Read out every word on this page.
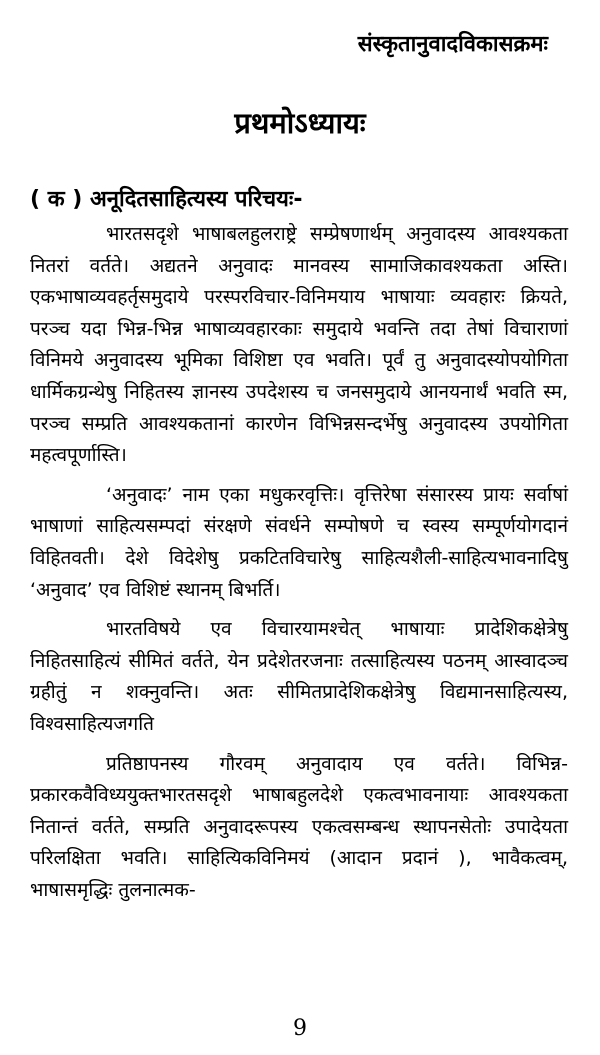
संस्कृतानुवादविकासक्रमः
प्रथमोऽध्यायः
( क ) अनूदितसाहित्यस्य परिचयः-

भारतसदृशे भाषाबलहुलराष्ट्रे सम्प्रेषणार्थम् अनुवादस्य आवश्यकता नितरां वर्तते। अद्यतने अनुवादः मानवस्य सामाजिकावश्यकता अस्ति। एकभाषाव्यवहर्तृसमुदाये परस्परविचार-विनिमयाय भाषायाः व्यवहारः क्रियते, परञ्च यदा भिन्न-भिन्न भाषाव्यवहारकाः समुदाये भवन्ति तदा तेषां विचाराणां विनिमये अनुवादस्य भूमिका विशिष्टा एव भवति। पूर्वं तु अनुवादस्योपयोगिता धार्मिकग्रन्थेषु निहितस्य ज्ञानस्य उपदेशस्य च जनसमुदाये आनयनार्थं भवति स्म, परञ्च सम्प्रति आवश्यकतानां कारणेन विभिन्नसन्दर्भेषु अनुवादस्य उपयोगिता महत्वपूर्णास्ति।

‘अनुवादः’ नाम एका मधुकरवृत्तिः। वृत्तिरेषा संसारस्य प्रायः सर्वाषां भाषाणां साहित्यसम्पदां संरक्षणे संवर्धने सम्पोषणे च स्वस्य सम्पूर्णयोगदानं विहितवती। देशे विदेशेषु प्रकटितविचारेषु साहित्यशैली-साहित्यभावनादिषु ‘अनुवाद’ एव विशिष्टं स्थानम् बिभर्ति।

भारतविषये एव विचारयामश्चेत् भाषायाः प्रादेशिकक्षेत्रेषु निहितसाहित्यं सीमितं वर्तते, येन प्रदेशेतरजनाः तत्साहित्यस्य पठनम् आस्वादञ्च ग्रहीतुं न शक्नुवन्ति। अतः सीमितप्रादेशिकक्षेत्रेषु विद्यमानसाहित्यस्य, विश्वसाहित्यजगति

प्रतिष्ठापनस्य गौरवम् अनुवादाय एव वर्तते। विभिन्न-प्रकारकवैविध्ययुक्तभारतसदृशे भाषाबहुलदेशे एकत्वभावनायाः आवश्यकता नितान्तं वर्तते, सम्प्रति अनुवादरूपस्य एकत्वसम्बन्ध स्थापनसेतोः उपादेयता परिलक्षिता भवति। साहित्यिकविनिमयं (आदान प्रदानं ), भावैकत्वम्, भाषासमृद्धिः तुलनात्मक-

9
